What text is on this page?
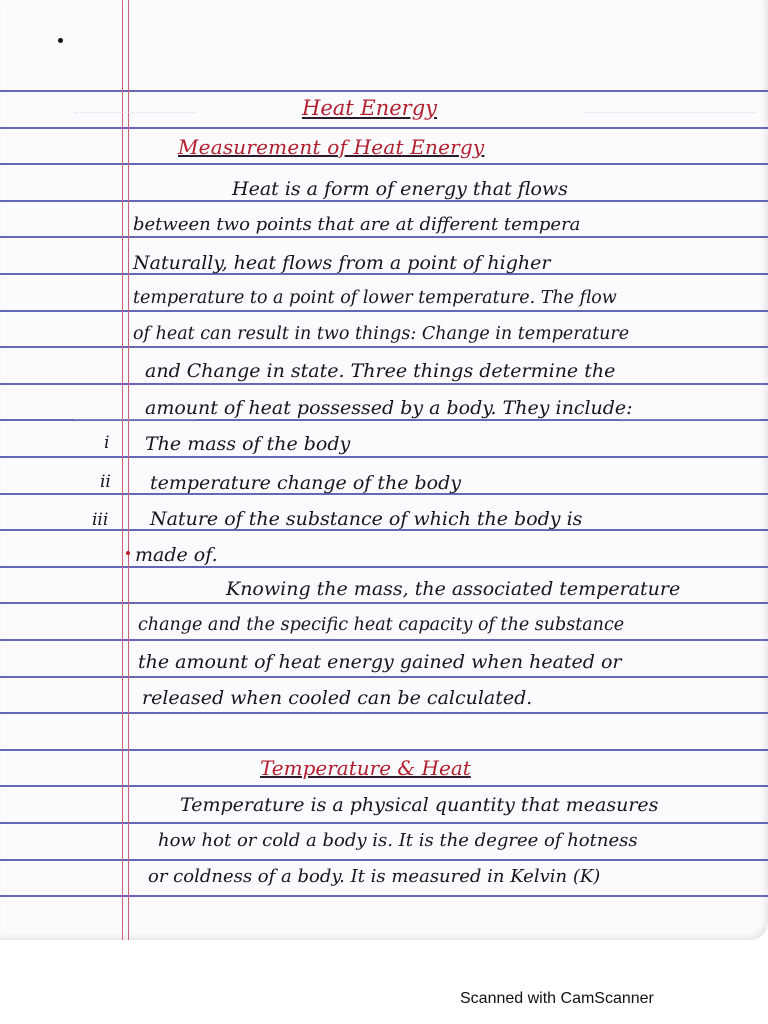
Heat Energy
Measurement of Heat Energy
Heat is a form of energy that flows
between two points that are at different tempera
Naturally, heat flows from a point of higher
temperature to a point of lower temperature. The flow
of heat can result in two things: Change in temperature
and Change in state. Three things determine the
amount of heat possessed by a body. They include:
i The mass of the body
ii temperature change of the body
iii Nature of the substance of which the body is
made of.
Knowing the mass, the associated temperature
change and the specific heat capacity of the substance
the amount of heat energy gained when heated or
released when cooled can be calculated.
Temperature & Heat
Temperature is a physical quantity that measures
how hot or cold a body is. It is the degree of hotness
or coldness of a body. It is measured in Kelvin (K)
Scanned with CamScanner
